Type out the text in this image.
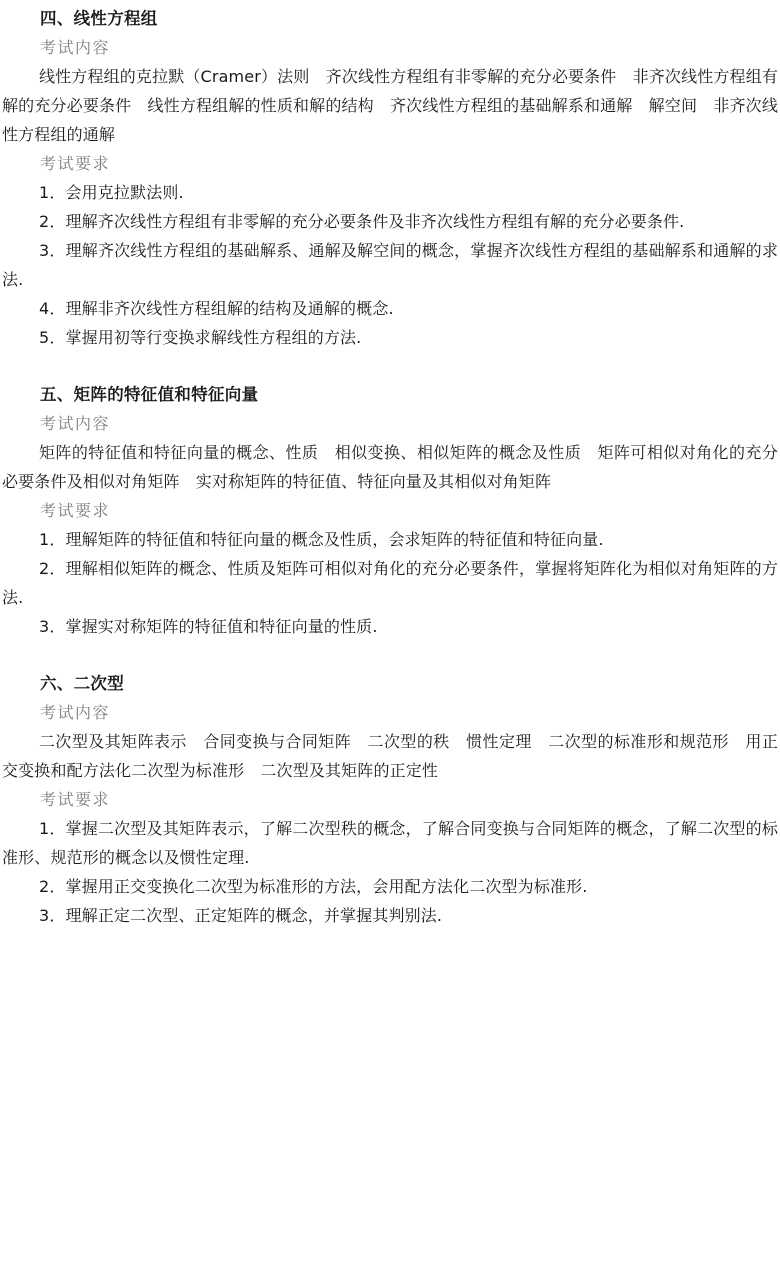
四、线性方程组

考试内容

线性方程组的克拉默（Cramer）法则　齐次线性方程组有非零解的充分必要条件　非齐次线性方程组有解的充分必要条件　线性方程组解的性质和解的结构　齐次线性方程组的基础解系和通解　解空间　非齐次线性方程组的通解

考试要求

1．会用克拉默法则.

2．理解齐次线性方程组有非零解的充分必要条件及非齐次线性方程组有解的充分必要条件.

3．理解齐次线性方程组的基础解系、通解及解空间的概念，掌握齐次线性方程组的基础解系和通解的求法.

4．理解非齐次线性方程组解的结构及通解的概念.

5．掌握用初等行变换求解线性方程组的方法.

五、矩阵的特征值和特征向量

考试内容

矩阵的特征值和特征向量的概念、性质　相似变换、相似矩阵的概念及性质　矩阵可相似对角化的充分必要条件及相似对角矩阵　实对称矩阵的特征值、特征向量及其相似对角矩阵

考试要求

1．理解矩阵的特征值和特征向量的概念及性质，会求矩阵的特征值和特征向量.

2．理解相似矩阵的概念、性质及矩阵可相似对角化的充分必要条件，掌握将矩阵化为相似对角矩阵的方法.

3．掌握实对称矩阵的特征值和特征向量的性质.

六、二次型

考试内容

二次型及其矩阵表示　合同变换与合同矩阵　二次型的秩　惯性定理　二次型的标准形和规范形　用正交变换和配方法化二次型为标准形　二次型及其矩阵的正定性

考试要求

1．掌握二次型及其矩阵表示，了解二次型秩的概念，了解合同变换与合同矩阵的概念，了解二次型的标准形、规范形的概念以及惯性定理.

2．掌握用正交变换化二次型为标准形的方法，会用配方法化二次型为标准形.

3．理解正定二次型、正定矩阵的概念，并掌握其判别法.
